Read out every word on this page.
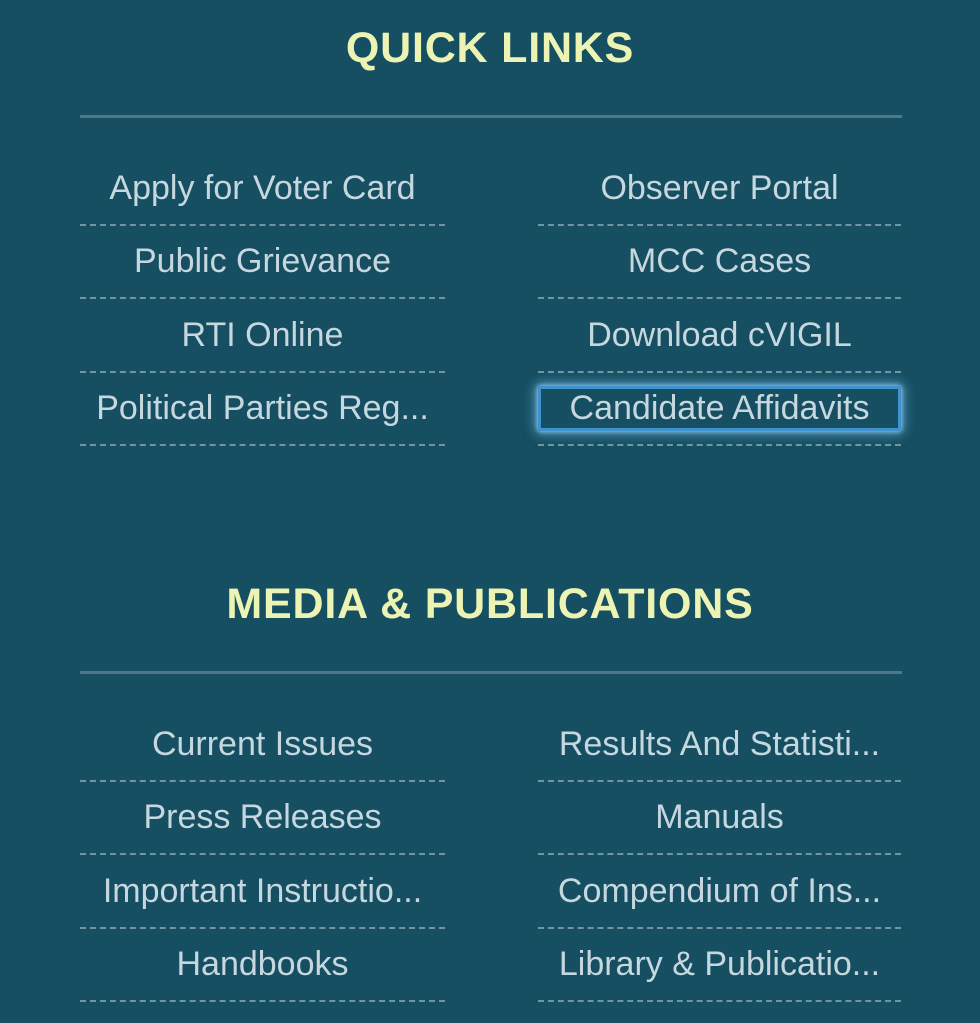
QUICK LINKS
Apply for Voter Card
Public Grievance
RTI Online
Political Parties Reg...
Observer Portal
MCC Cases
Download cVIGIL
Candidate Affidavits
MEDIA & PUBLICATIONS
Current Issues
Press Releases
Important Instructio...
Handbooks
Results And Statisti...
Manuals
Compendium of Ins...
Library & Publicatio...
